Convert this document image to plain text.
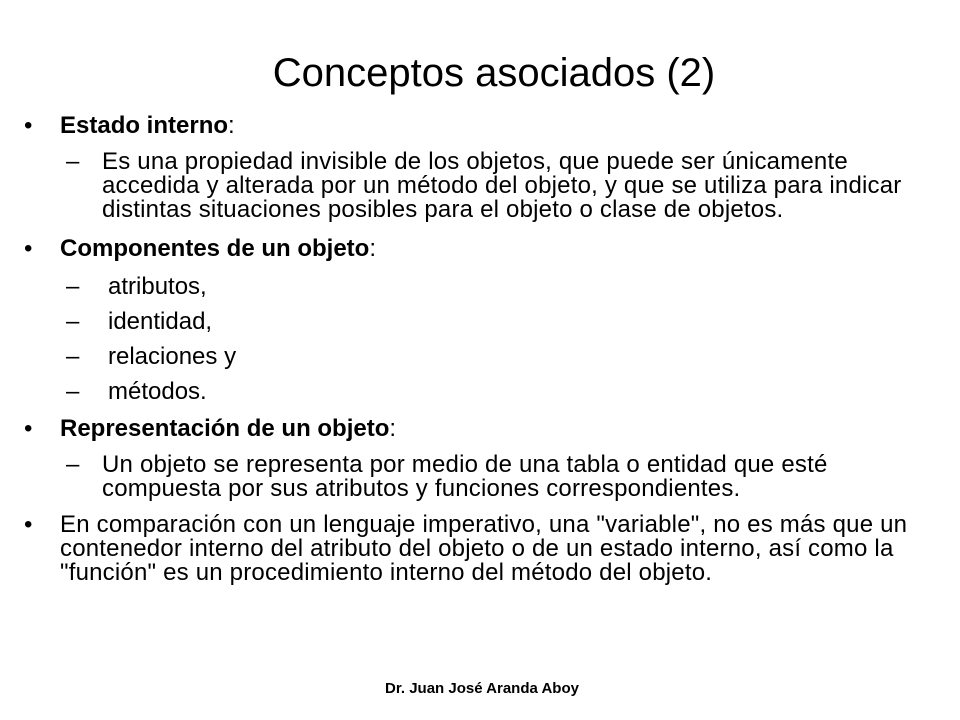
Conceptos asociados (2)
•	Estado interno:
– Es una propiedad invisible de los objetos, que puede ser únicamente accedida y alterada por un método del objeto, y que se utiliza para indicar distintas situaciones posibles para el objeto o clase de objetos.
•	Componentes de un objeto:
– atributos,
– identidad,
– relaciones y
– métodos.
•	Representación de un objeto:
– Un objeto se representa por medio de una tabla o entidad que esté compuesta por sus atributos y funciones correspondientes.
•	En comparación con un lenguaje imperativo, una "variable", no es más que un contenedor interno del atributo del objeto o de un estado interno, así como la "función" es un procedimiento interno del método del objeto.
Dr. Juan José Aranda Aboy
